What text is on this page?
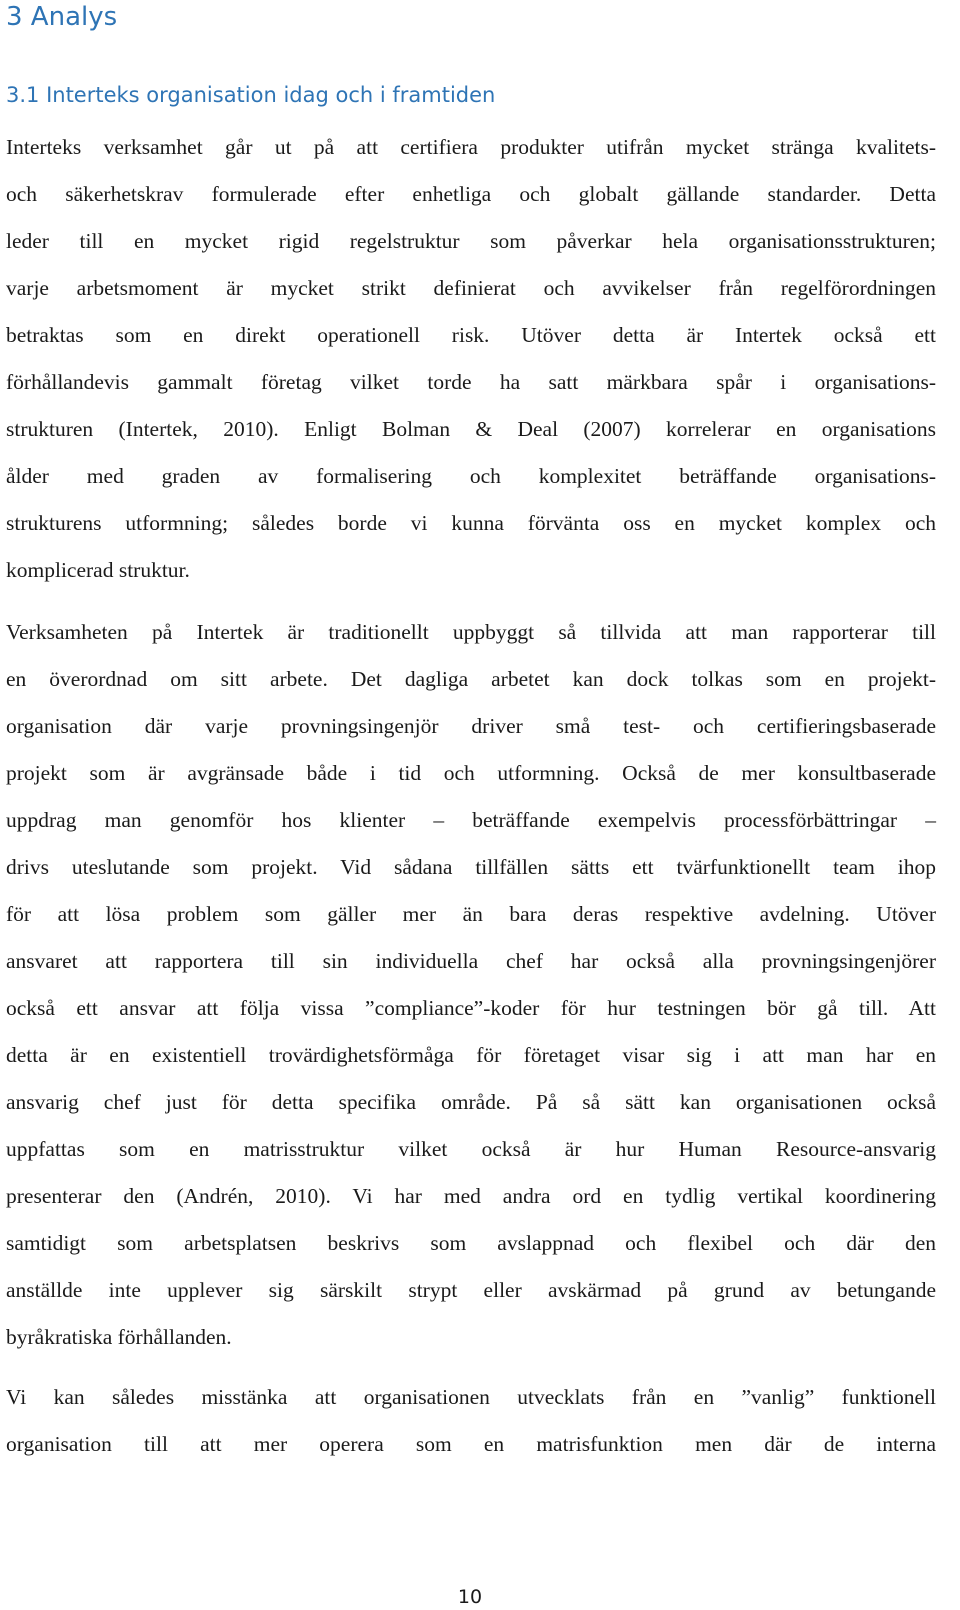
3 Analys
3.1 Interteks organisation idag och i framtiden
Interteks verksamhet går ut på att certifiera produkter utifrån mycket stränga kvalitets-
och säkerhetskrav formulerade efter enhetliga och globalt gällande standarder. Detta
leder till en mycket rigid regelstruktur som påverkar hela organisationsstrukturen;
varje arbetsmoment är mycket strikt definierat och avvikelser från regelförordningen
betraktas som en direkt operationell risk. Utöver detta är Intertek också ett
förhållandevis gammalt företag vilket torde ha satt märkbara spår i organisations-
strukturen (Intertek, 2010). Enligt Bolman & Deal (2007) korrelerar en organisations
ålder med graden av formalisering och komplexitet beträffande organisations-
strukturens utformning; således borde vi kunna förvänta oss en mycket komplex och
komplicerad struktur.
Verksamheten på Intertek är traditionellt uppbyggt så tillvida att man rapporterar till
en överordnad om sitt arbete. Det dagliga arbetet kan dock tolkas som en projekt-
organisation där varje provningsingenjör driver små test- och certifieringsbaserade
projekt som är avgränsade både i tid och utformning. Också de mer konsultbaserade
uppdrag man genomför hos klienter – beträffande exempelvis processförbättringar –
drivs uteslutande som projekt. Vid sådana tillfällen sätts ett tvärfunktionellt team ihop
för att lösa problem som gäller mer än bara deras respektive avdelning. Utöver
ansvaret att rapportera till sin individuella chef har också alla provningsingenjörer
också ett ansvar att följa vissa ”compliance”-koder för hur testningen bör gå till. Att
detta är en existentiell trovärdighetsförmåga för företaget visar sig i att man har en
ansvarig chef just för detta specifika område. På så sätt kan organisationen också
uppfattas som en matrisstruktur vilket också är hur Human Resource-ansvarig
presenterar den (Andrén, 2010). Vi har med andra ord en tydlig vertikal koordinering
samtidigt som arbetsplatsen beskrivs som avslappnad och flexibel och där den
anställde inte upplever sig särskilt strypt eller avskärmad på grund av betungande
byråkratiska förhållanden.
Vi kan således misstänka att organisationen utvecklats från en ”vanlig” funktionell
organisation till att mer operera som en matrisfunktion men där de interna
10
